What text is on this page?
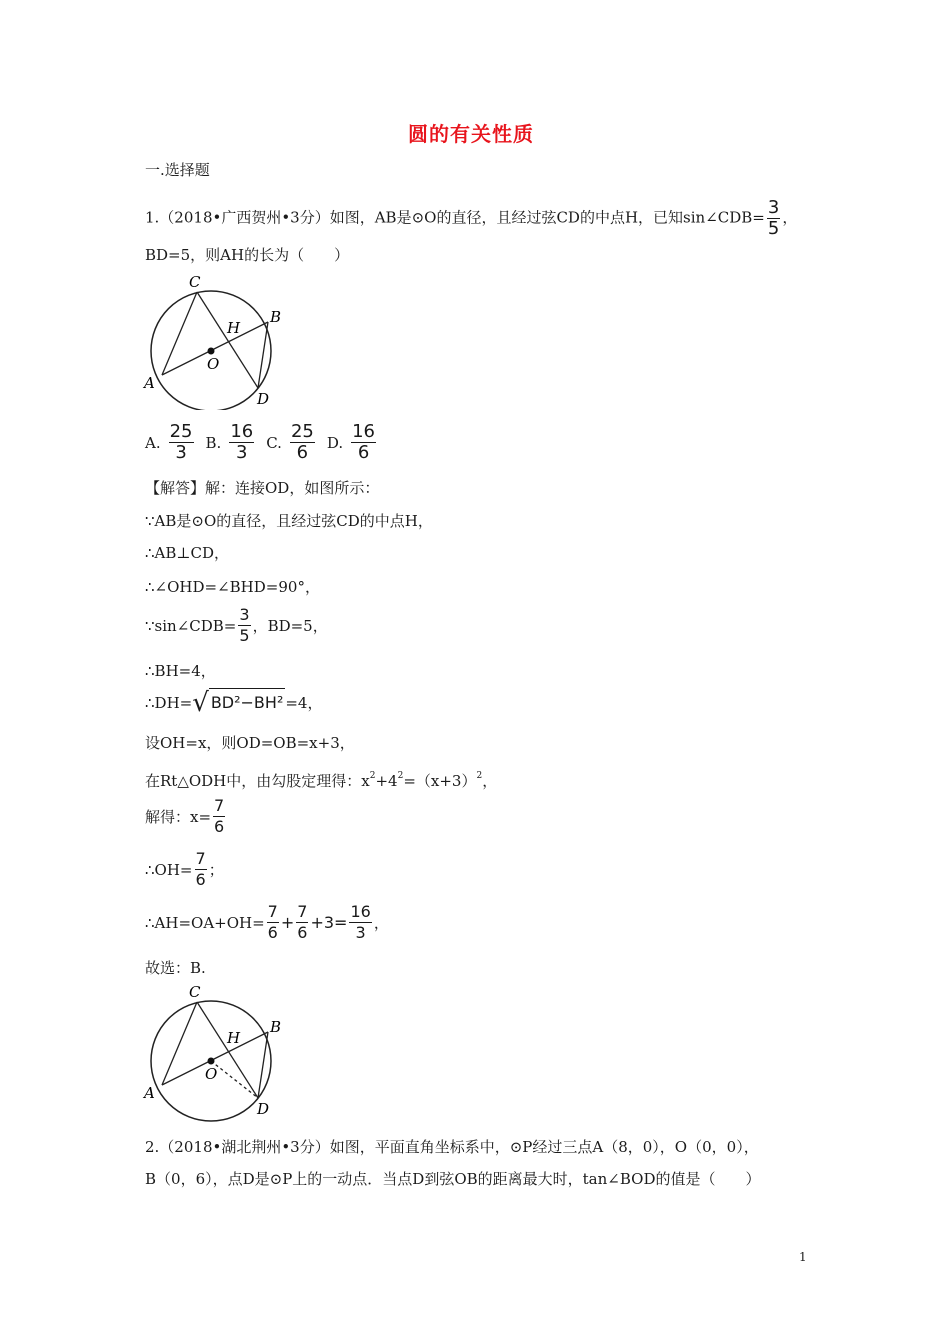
圆的有关性质
一.选择题
1.（2018•广西贺州•3分）如图，AB是⊙O的直径，且经过弦CD的中点H，已知sin∠CDB= $\frac{3}{5}$ ，
BD=5，则AH的长为（　　）
C
B
H
O
A
D
A. $\frac{25}{3} B$. $\frac{16}{3} C$. $\frac{25}{6} D$. $\frac{16}{6}$
【解答】解：连接OD，如图所示：
∵AB是⊙O的直径，且经过弦CD的中点H，
∴AB⊥CD，
∴∠OHD=∠BHD=90°，
∵sin∠CDB= $\frac{3}{5}$ ，BD=5，
∴BH=4，
∴DH= √ BD²−BH² =4，
设OH=x，则OD=OB=x+3，
在Rt△ODH中，由勾股定理得：$x^2+4^2=(x+3)^2$，
解得：$x= \frac{7}{6}$
∴OH= $\frac{7}{6}$ ；
∴AH=OA+OH= $\frac{7}{6} + \frac{7}{6} +3= \frac{16}{3}$ ，
故选：B.
C
B
H
O
A
D
2.（2018•湖北荆州•3分）如图，平面直角坐标系中，⊙P经过三点A（8，0），O（0，0），
B（0，6），点D是⊙P上的一动点．当点D到弦OB的距离最大时，tan∠BOD的值是（　　）
1
